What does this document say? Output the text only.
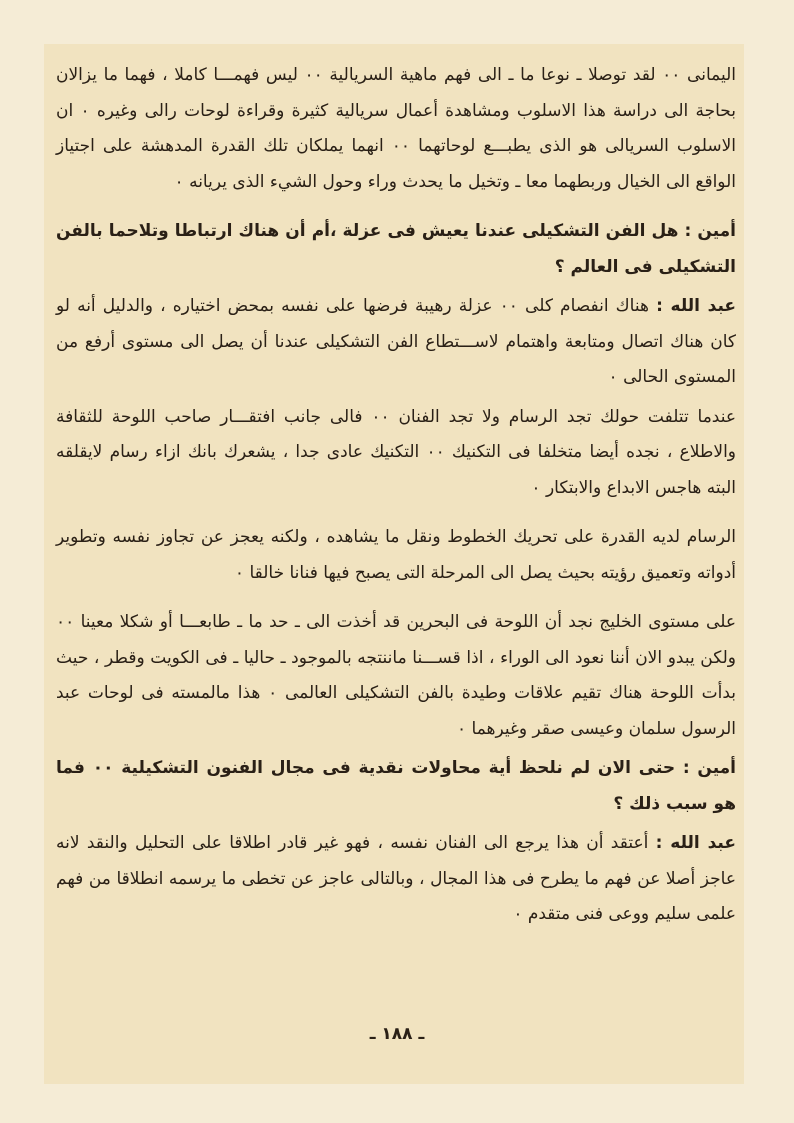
اليمانى ٠٠ لقد توصلا ـ نوعا ما ـ الى فهم ماهية السريالية ٠٠ ليس فهمـــا كاملا ، فهما ما يزالان بحاجة الى دراسة هذا الاسلوب ومشاهدة أعمال سريالية كثيرة وقراءة لوحات رالى وغيره ٠ ان الاسلوب السريالى هو الذى يطبـــع لوحاتهما ٠٠ انهما يملكان تلك القدرة المدهشة على اجتياز الواقع الى الخيال وربطهما معا ـ وتخيل ما يحدث وراء وحول الشيء الذى يريانه ٠

أمين : هل الفن التشكيلى عندنا يعيش فى عزلة ،أم أن هناك ارتباطا وتلاحما بالفن التشكيلى فى العالم ؟

عبد الله : هناك انفصام كلى ٠٠ عزلة رهيبة فرضها على نفسه بمحض اختياره ، والدليل أنه لو كان هناك اتصال ومتابعة واهتمام لاســـتطاع الفن التشكيلى عندنا أن يصل الى مستوى أرفع من المستوى الحالى ٠

عندما تتلفت حولك تجد الرسام ولا تجد الفنان ٠٠ فالى جانب افتقـــار صاحب اللوحة للثقافة والاطلاع ، نجده أيضا متخلفا فى التكنيك ٠٠ التكنيك عادى جدا ، يشعرك بانك ازاء رسام لايقلقه البته هاجس الابداع والابتكار ٠

الرسام لديه القدرة على تحريك الخطوط ونقل ما يشاهده ، ولكنه يعجز عن تجاوز نفسه وتطوير أدواته وتعميق رؤيته بحيث يصل الى المرحلة التى يصبح فيها فنانا خالقا ٠

على مستوى الخليج نجد أن اللوحة فى البحرين قد أخذت الى ـ حد ما ـ طابعـــا أو شكلا معينا ٠٠ ولكن يبدو الان أننا نعود الى الوراء ، اذا قســـنا ماننتجه بالموجود ـ حاليا ـ فى الكويت وقطر ، حيث بدأت اللوحة هناك تقيم علاقات وطيدة بالفن التشكيلى العالمى ٠ هذا مالمسته فى لوحات عبد الرسول سلمان وعيسى صقر وغيرهما ٠

أمين : حتى الان لم نلحظ أية محاولات نقدية فى مجال الفنون التشكيلية ٠٠ فما هو سبب ذلك ؟

عبد الله : أعتقد أن هذا يرجع الى الفنان نفسه ، فهو غير قادر اطلاقا على التحليل والنقد لانه عاجز أصلا عن فهم ما يطرح فى هذا المجال ، وبالتالى عاجز عن تخطى ما يرسمه انطلاقا من فهم علمى سليم ووعى فنى متقدم ٠

ـ ١٨٨ ـ
